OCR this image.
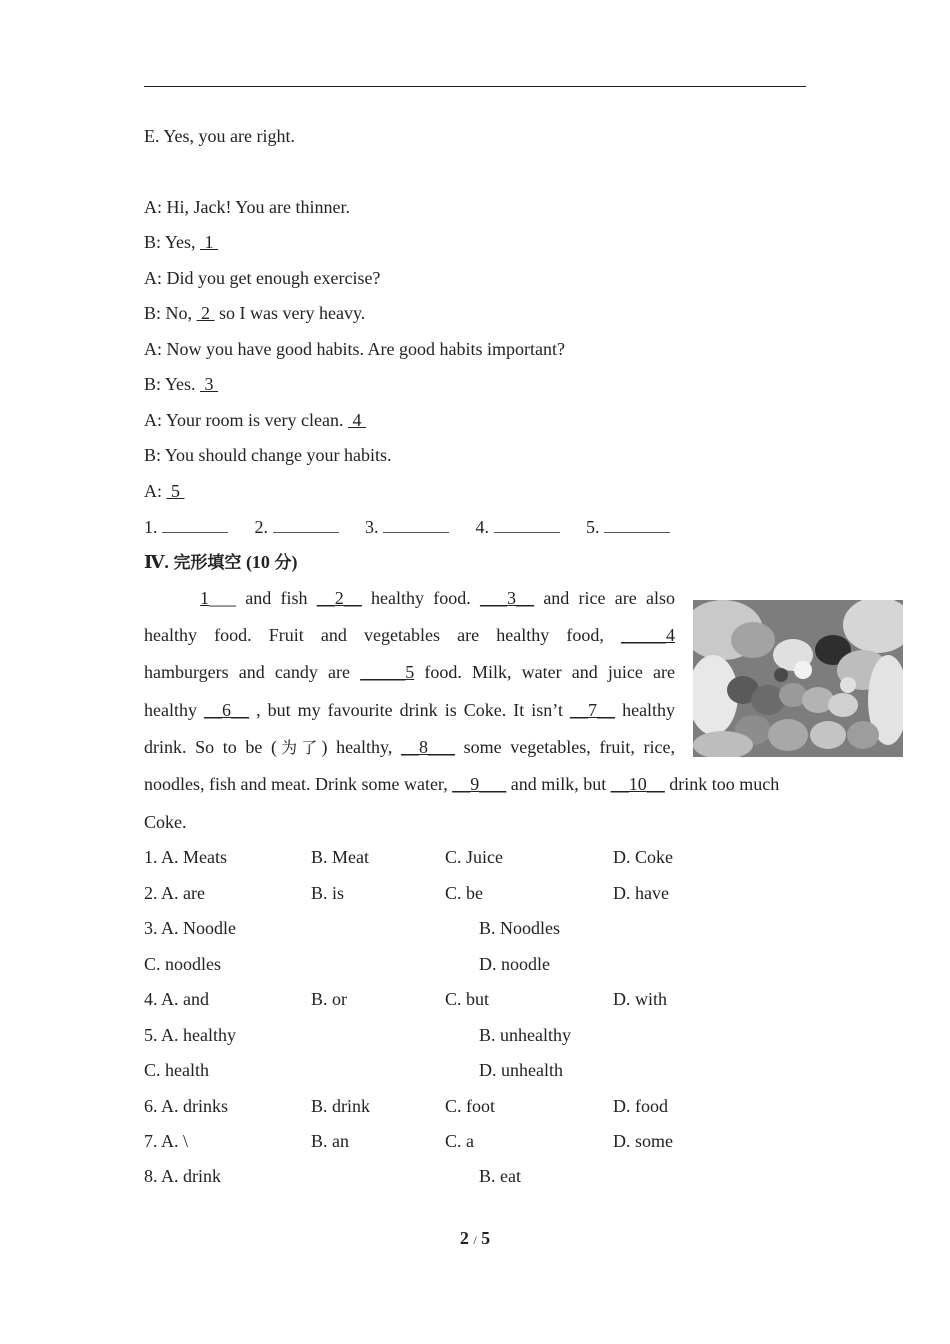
E. Yes, you are right.
A: Hi, Jack! You are thinner.
B: Yes,  1
A: Did you get enough exercise?
B: No,  2  so I was very heavy.
A: Now you have good habits. Are good habits important?
B: Yes.  3
A: Your room is very clean.  4
B: You should change your habits.
A:  5
1.	2.	3.	4.	5.
Ⅳ. 完形填空 (10 分)
1___ and fish __2__ healthy food. ___3__ and rice are also
healthy food. Fruit and vegetables are healthy food, _____4
hamburgers and candy are _____5 food. Milk, water and juice are
healthy __6__ , but my favourite drink is Coke. It isn’t __7__ healthy
drink. So to be (为了) healthy, __8___ some vegetables, fruit, rice,
noodles, fish and meat. Drink some water, __9___ and milk, but __10__ drink too much
Coke.
1. A. Meats	B. Meat	C. Juice	D. Coke
2. A. are	B. is	C. be	D. have
3. A. Noodle	B. Noodles
C. noodles	D. noodle
4. A. and	B. or	C. but	D. with
5. A. healthy	B. unhealthy
C. health	D. unhealth
6. A. drinks	B. drink	C. foot	D. food
7. A. \	B. an	C. a	D. some
8. A. drink	B. eat
2 / 5
